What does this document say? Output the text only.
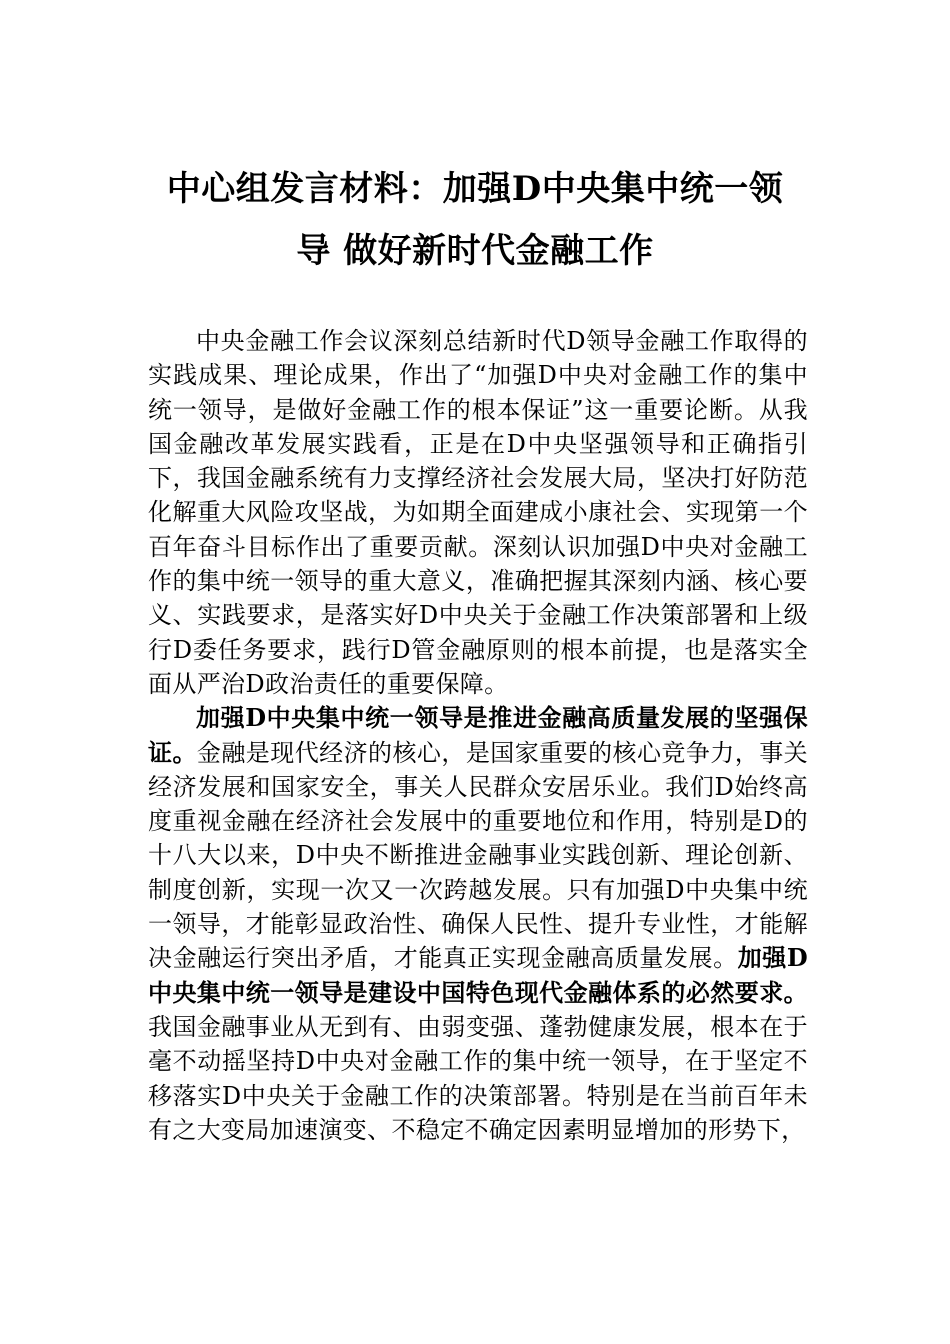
中心组发言材料：加强D中央集中统一领
导 做好新时代金融工作

中央金融工作会议深刻总结新时代D领导金融工作取得的实践成果、理论成果，作出了“加强D中央对金融工作的集中统一领导，是做好金融工作的根本保证”这一重要论断。从我国金融改革发展实践看，正是在D中央坚强领导和正确指引下，我国金融系统有力支撑经济社会发展大局，坚决打好防范化解重大风险攻坚战，为如期全面建成小康社会、实现第一个百年奋斗目标作出了重要贡献。深刻认识加强D中央对金融工作的集中统一领导的重大意义，准确把握其深刻内涵、核心要义、实践要求，是落实好D中央关于金融工作决策部署和上级行D委任务要求，践行D管金融原则的根本前提，也是落实全面从严治D政治责任的重要保障。

加强D中央集中统一领导是推进金融高质量发展的坚强保证。金融是现代经济的核心，是国家重要的核心竞争力，事关经济发展和国家安全，事关人民群众安居乐业。我们D始终高度重视金融在经济社会发展中的重要地位和作用，特别是D的十八大以来，D中央不断推进金融事业实践创新、理论创新、制度创新，实现一次又一次跨越发展。只有加强D中央集中统一领导，才能彰显政治性、确保人民性、提升专业性，才能解决金融运行突出矛盾，才能真正实现金融高质量发展。加强D中央集中统一领导是建设中国特色现代金融体系的必然要求。我国金融事业从无到有、由弱变强、蓬勃健康发展，根本在于毫不动摇坚持D中央对金融工作的集中统一领导，在于坚定不移落实D中央关于金融工作的决策部署。特别是在当前百年未有之大变局加速演变、不稳定不确定因素明显增加的形势下，
